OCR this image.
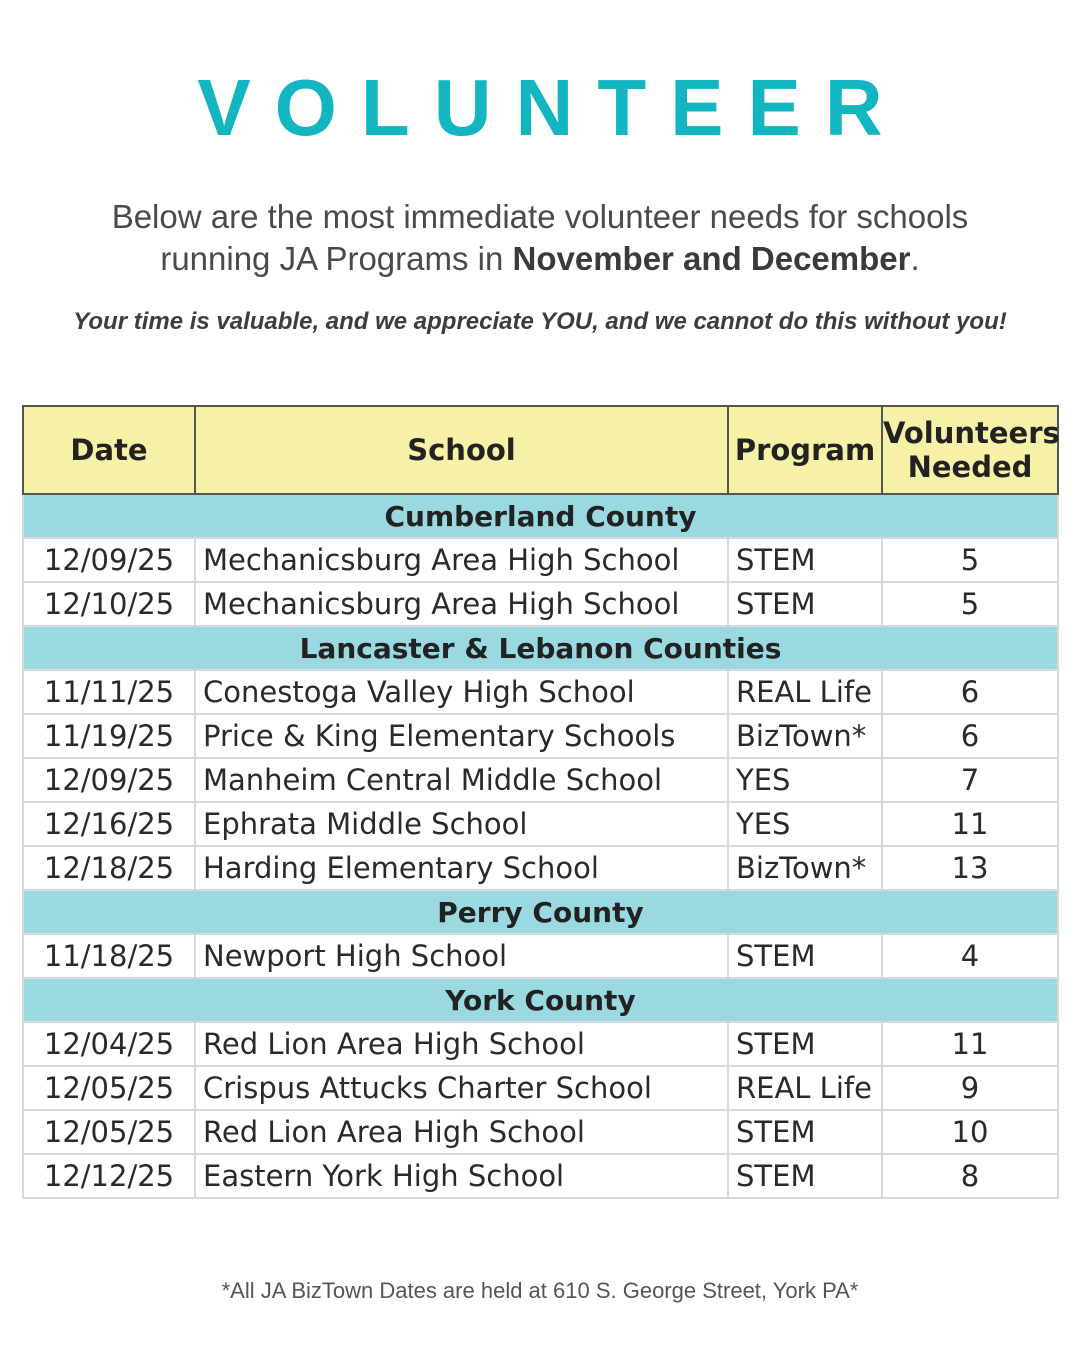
VOLUNTEER
Below are the most immediate volunteer needs for schools
running JA Programs in November and December.
Your time is valuable, and we appreciate YOU, and we cannot do this without you!
Date	School	Program	Volunteers
Needed

Cumberland County			
12/09/25	Mechanicsburg Area High School	STEM	5
12/10/25	Mechanicsburg Area High School	STEM	5
Lancaster & Lebanon Counties			
11/11/25	Conestoga Valley High School	REAL Life	6
11/19/25	Price & King Elementary Schools	BizTown*	6
12/09/25	Manheim Central Middle School	YES	7
12/16/25	Ephrata Middle School	YES	11
12/18/25	Harding Elementary School	BizTown*	13
Perry County			
11/18/25	Newport High School	STEM	4
York County			
12/04/25	Red Lion Area High School	STEM	11
12/05/25	Crispus Attucks Charter School	REAL Life	9
12/05/25	Red Lion Area High School	STEM	10
12/12/25	Eastern York High School	STEM	8
*All JA BizTown Dates are held at 610 S. George Street, York PA*
